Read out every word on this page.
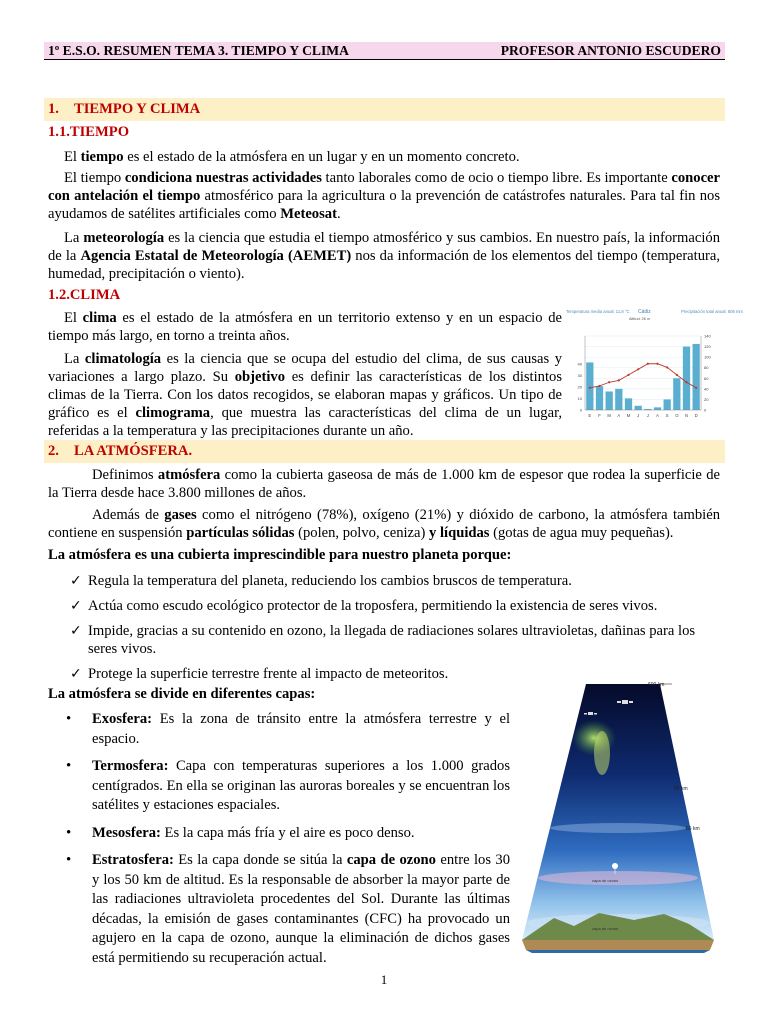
1º E.S.O. RESUMEN TEMA 3. TIEMPO Y CLIMA	PROFESOR ANTONIO ESCUDERO
1. TIEMPO Y CLIMA
1.1.TIEMPO
El tiempo es el estado de la atmósfera en un lugar y en un momento concreto.
El tiempo condiciona nuestras actividades tanto laborales como de ocio o tiempo libre. Es importante conocer con antelación el tiempo atmosférico para la agricultura o la prevención de catástrofes naturales. Para tal fin nos ayudamos de satélites artificiales como Meteosat.
La meteorología es la ciencia que estudia el tiempo atmosférico y sus cambios. En nuestro país, la información de la Agencia Estatal de Meteorología (AEMET) nos da información de los elementos del tiempo (temperatura, humedad, precipitación o viento).
1.2.CLIMA
El clima es el estado de la atmósfera en un territorio extenso y en un espacio de tiempo más largo, en torno a treinta años.
La climatología es la ciencia que se ocupa del estudio del clima, de sus causas y variaciones a largo plazo. Su objetivo es definir las características de los distintos climas de la Tierra. Con los datos recogidos, se elaboran mapas y gráficos. Un tipo de gráfico es el climograma, que muestra las características del clima de un lugar, referidas a la temperatura y las precipitaciones durante un año.
Temperatura media anual: 11,8 °C Cádiz
Altitud: 26 m
Precipitación total anual: 506 mm
40
30
20
10
0
140
120
100
80
60
40
20
0
E F M A M J J A S O N D
2. LA ATMÓSFERA.
Definimos atmósfera como la cubierta gaseosa de más de 1.000 km de espesor que rodea la superficie de la Tierra desde hace 3.800 millones de años.
Además de gases como el nitrógeno (78%), oxígeno (21%) y dióxido de carbono, la atmósfera también contiene en suspensión partículas sólidas (polen, polvo, ceniza) y líquidas (gotas de agua muy pequeñas).
La atmósfera es una cubierta imprescindible para nuestro planeta porque:
✓ Regula la temperatura del planeta, reduciendo los cambios bruscos de temperatura.
✓ Actúa como escudo ecológico protector de la troposfera, permitiendo la existencia de seres vivos.
✓ Impide, gracias a su contenido en ozono, la llegada de radiaciones solares ultravioletas, dañinas para los seres vivos.
✓ Protege la superficie terrestre frente al impacto de meteoritos.
La atmósfera se divide en diferentes capas:
• Exosfera: Es la zona de tránsito entre la atmósfera terrestre y el espacio.
• Termosfera: Capa con temperaturas superiores a los 1.000 grados centígrados. En ella se originan las auroras boreales y se encuentran los satélites y estaciones espaciales.
• Mesosfera: Es la capa más fría y el aire es poco denso.
• Estratosfera: Es la capa donde se sitúa la capa de ozono entre los 30 y los 50 km de altitud. Es la responsable de absorber la mayor parte de las radiaciones ultravioleta procedentes del Sol. Durante las últimas décadas, la emisión de gases contaminantes (CFC) ha provocado un agujero en la capa de ozono, aunque la eliminación de dichos gases está permitiendo su recuperación actual.
600 km
86 km
66 km
capa de ozono
capa de ozono
1
